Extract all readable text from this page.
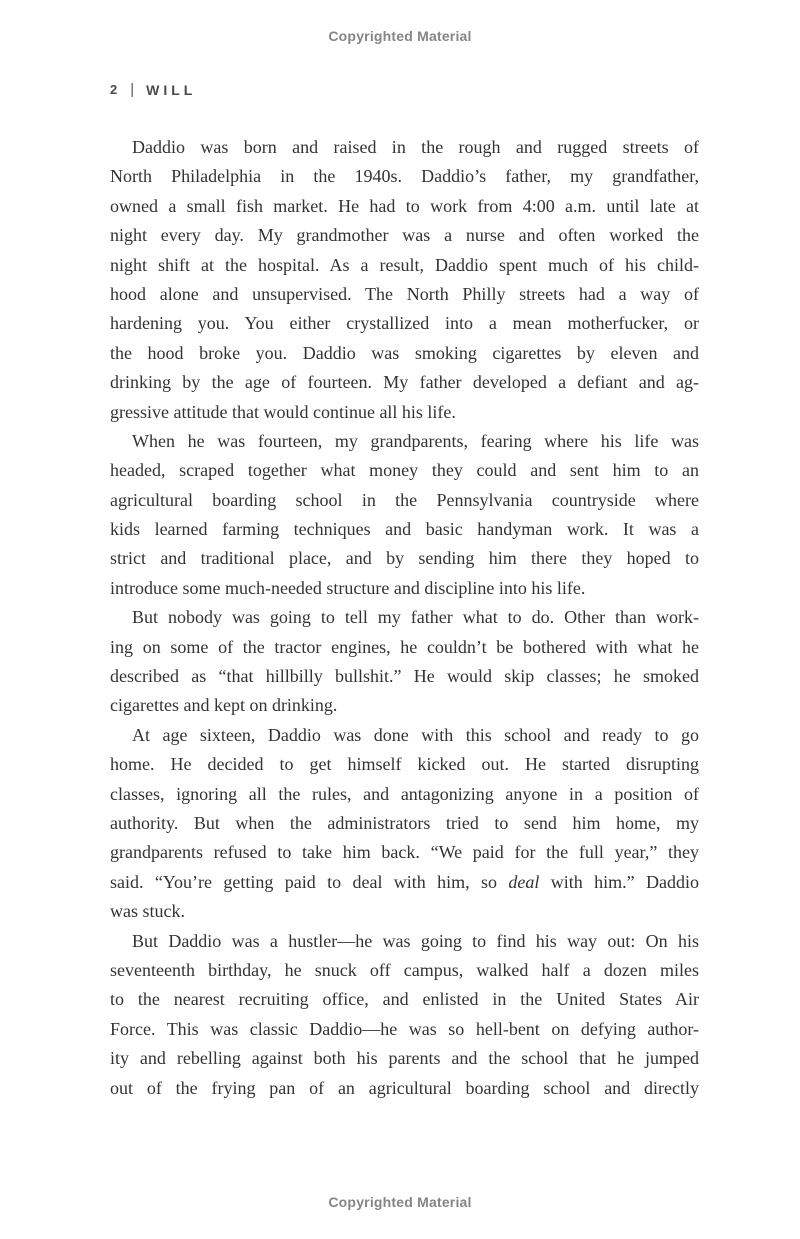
Copyrighted Material
2 | WILL
Daddio was born and raised in the rough and rugged streets of
North Philadelphia in the 1940s. Daddio’s father, my grandfather,
owned a small fish market. He had to work from 4:00 a.m. until late at
night every day. My grandmother was a nurse and often worked the
night shift at the hospital. As a result, Daddio spent much of his child-
hood alone and unsupervised. The North Philly streets had a way of
hardening you. You either crystallized into a mean motherfucker, or
the hood broke you. Daddio was smoking cigarettes by eleven and
drinking by the age of fourteen. My father developed a defiant and ag-
gressive attitude that would continue all his life.
When he was fourteen, my grandparents, fearing where his life was
headed, scraped together what money they could and sent him to an
agricultural boarding school in the Pennsylvania countryside where
kids learned farming techniques and basic handyman work. It was a
strict and traditional place, and by sending him there they hoped to
introduce some much-needed structure and discipline into his life.
But nobody was going to tell my father what to do. Other than work-
ing on some of the tractor engines, he couldn’t be bothered with what he
described as “that hillbilly bullshit.” He would skip classes; he smoked
cigarettes and kept on drinking.
At age sixteen, Daddio was done with this school and ready to go
home. He decided to get himself kicked out. He started disrupting
classes, ignoring all the rules, and antagonizing anyone in a position of
authority. But when the administrators tried to send him home, my
grandparents refused to take him back. “We paid for the full year,” they
said. “You’re getting paid to deal with him, so deal with him.” Daddio
was stuck.
But Daddio was a hustler—he was going to find his way out: On his
seventeenth birthday, he snuck off campus, walked half a dozen miles
to the nearest recruiting office, and enlisted in the United States Air
Force. This was classic Daddio—he was so hell-bent on defying author-
ity and rebelling against both his parents and the school that he jumped
out of the frying pan of an agricultural boarding school and directly
Copyrighted Material
